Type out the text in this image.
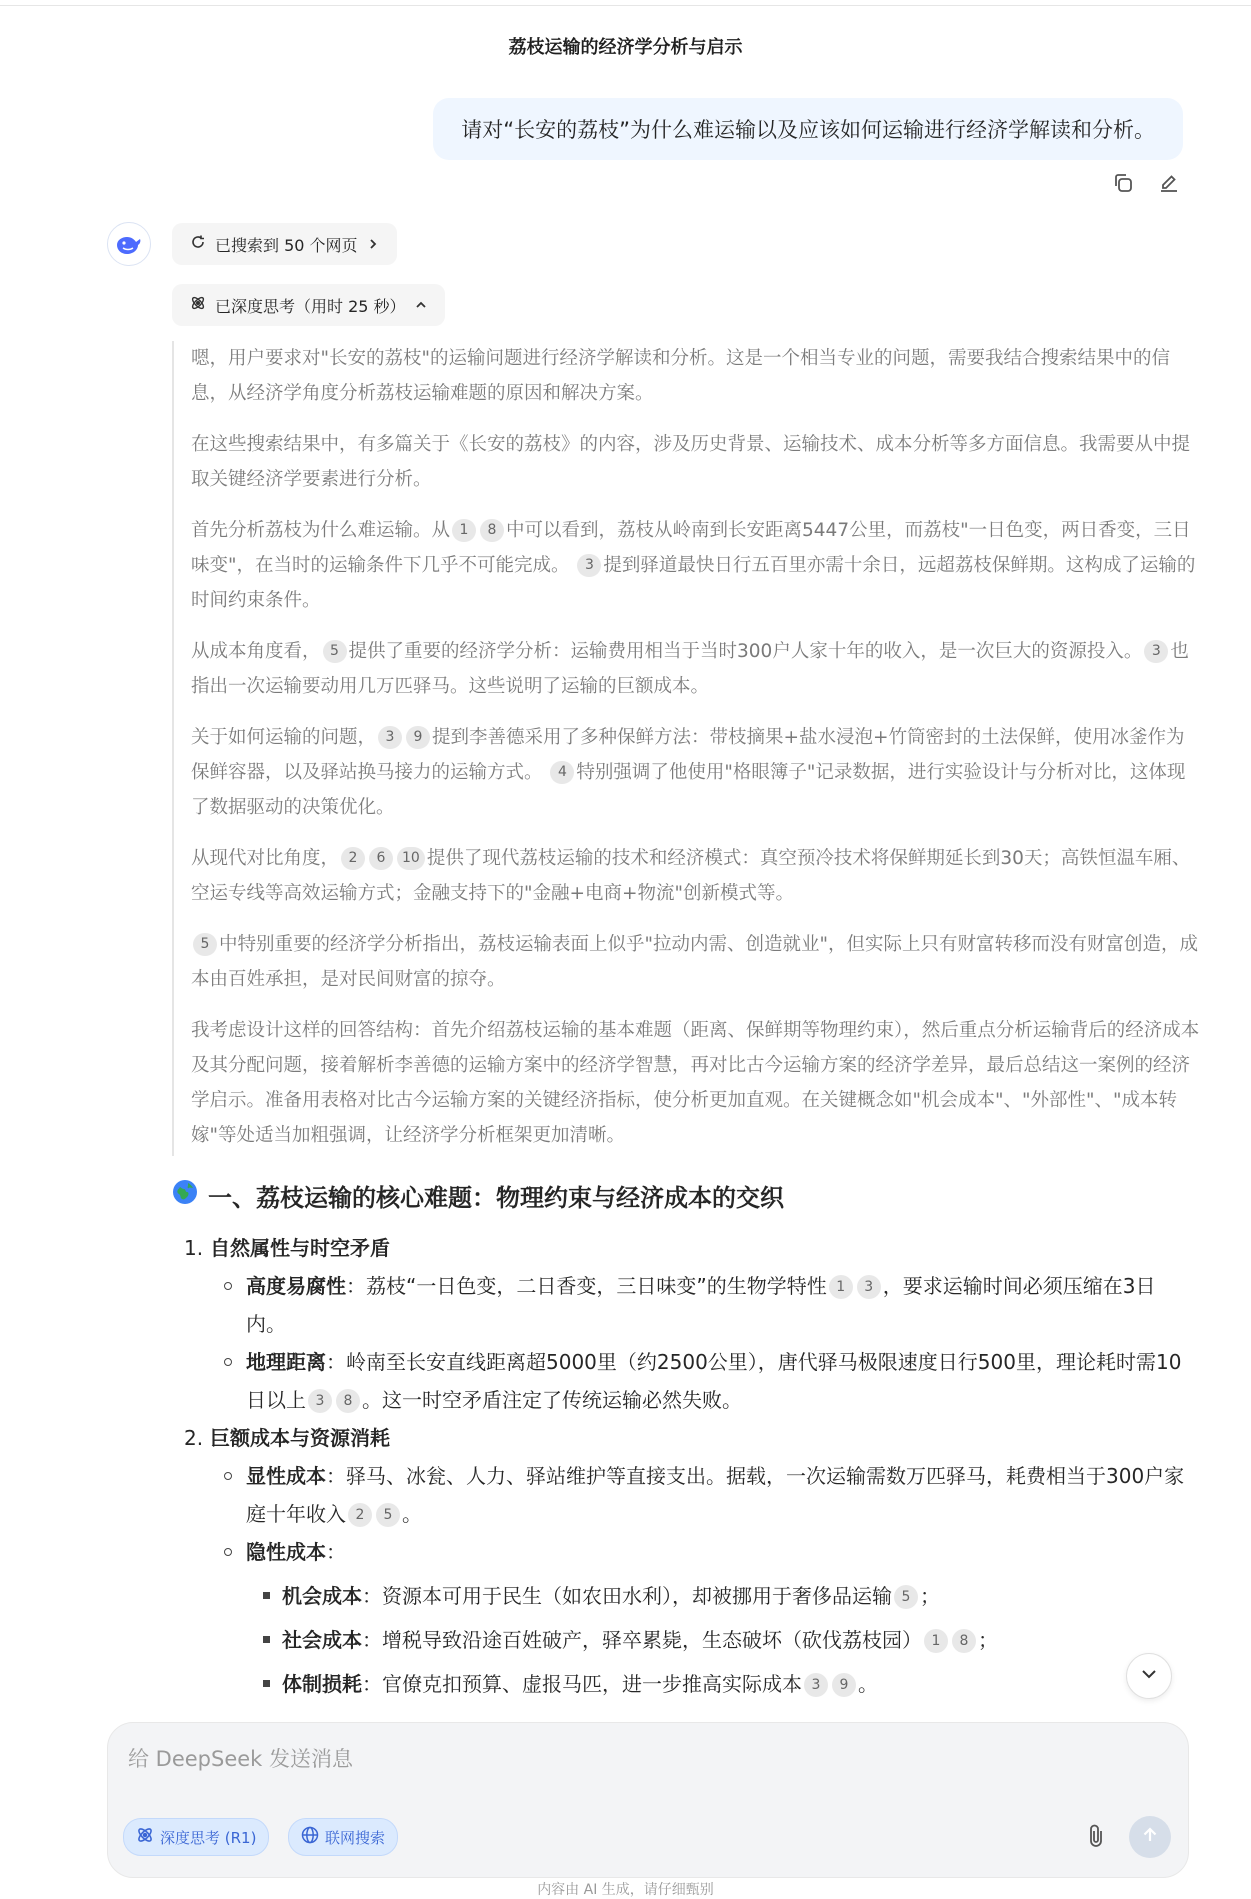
荔枝运输的经济学分析与启示
请对“长安的荔枝”为什么难运输以及应该如何运输进行经济学解读和分析。
已搜索到 50 个网页
已深度思考（用时 25 秒）

嗯，用户要求对"长安的荔枝"的运输问题进行经济学解读和分析。这是一个相当专业的问题，需要我结合搜索结果中的信息，从经济学角度分析荔枝运输难题的原因和解决方案。

在这些搜索结果中，有多篇关于《长安的荔枝》的内容，涉及历史背景、运输技术、成本分析等多方面信息。我需要从中提取关键经济学要素进行分析。

首先分析荔枝为什么难运输。从 1 8 中可以看到，荔枝从岭南到长安距离5447公里，而荔枝"一日色变，两日香变，三日味变"，在当时的运输条件下几乎不可能完成。 3 提到驿道最快日行五百里亦需十余日，远超荔枝保鲜期。这构成了运输的时间约束条件。

从成本角度看， 5 提供了重要的经济学分析：运输费用相当于当时300户人家十年的收入，是一次巨大的资源投入。 3 也指出一次运输要动用几万匹驿马。这些说明了运输的巨额成本。

关于如何运输的问题， 3 9 提到李善德采用了多种保鲜方法：带枝摘果+盐水浸泡+竹筒密封的土法保鲜，使用冰釜作为保鲜容器，以及驿站换马接力的运输方式。 4 特别强调了他使用"格眼簿子"记录数据，进行实验设计与分析对比，这体现了数据驱动的决策优化。

从现代对比角度， 2 6 10 提供了现代荔枝运输的技术和经济模式：真空预冷技术将保鲜期延长到30天；高铁恒温车厢、空运专线等高效运输方式；金融支持下的"金融+电商+物流"创新模式等。

5 中特别重要的经济学分析指出，荔枝运输表面上似乎"拉动内需、创造就业"，但实际上只有财富转移而没有财富创造，成本由百姓承担，是对民间财富的掠夺。

我考虑设计这样的回答结构：首先介绍荔枝运输的基本难题（距离、保鲜期等物理约束），然后重点分析运输背后的经济成本及其分配问题，接着解析李善德的运输方案中的经济学智慧，再对比古今运输方案的经济学差异，最后总结这一案例的经济学启示。准备用表格对比古今运输方案的关键经济指标，使分析更加直观。在关键概念如"机会成本"、"外部性"、"成本转嫁"等处适当加粗强调，让经济学分析框架更加清晰。

一、荔枝运输的核心难题：物理约束与经济成本的交织
1. 自然属性与时空矛盾
高度易腐性：荔枝“一日色变，二日香变，三日味变”的生物学特性 1 3 ，要求运输时间必须压缩在3日内。
地理距离：岭南至长安直线距离超5000里（约2500公里），唐代驿马极限速度日行500里，理论耗时需10日以上 3 8 。这一时空矛盾注定了传统运输必然失败。
2. 巨额成本与资源消耗
显性成本：驿马、冰瓮、人力、驿站维护等直接支出。据载，一次运输需数万匹驿马，耗费相当于300户家庭十年收入 2 5 。
隐性成本：
机会成本：资源本可用于民生（如农田水利），却被挪用于奢侈品运输 5 ；
社会成本：增税导致沿途百姓破产，驿卒累毙，生态破坏（砍伐荔枝园） 1 8 ；
体制损耗：官僚克扣预算、虚报马匹，进一步推高实际成本 3 9 。
给 DeepSeek 发送消息
深度思考 (R1)	联网搜索
内容由 AI 生成，请仔细甄别
